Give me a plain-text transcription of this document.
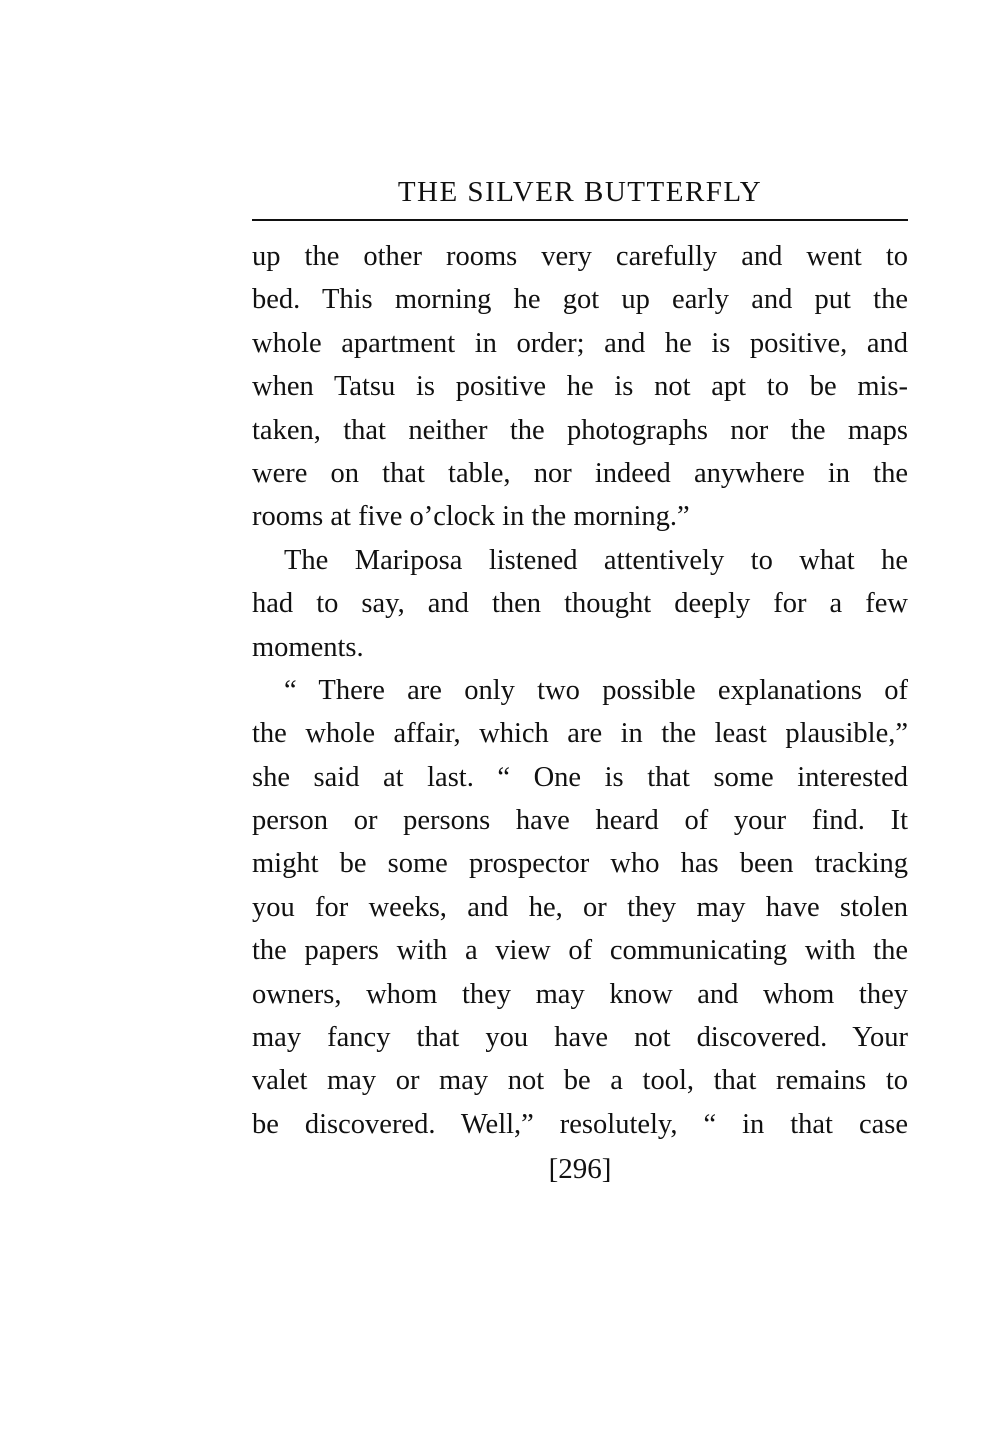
THE SILVER BUTTERFLY
up the other rooms very carefully and went to
bed. This morning he got up early and put the
whole apartment in order; and he is positive, and
when Tatsu is positive he is not apt to be mis-
taken, that neither the photographs nor the maps
were on that table, nor indeed anywhere in the
rooms at five o’clock in the morning.”
The Mariposa listened attentively to what he
had to say, and then thought deeply for a few
moments.
“ There are only two possible explanations of
the whole affair, which are in the least plausible,”
she said at last. “ One is that some interested
person or persons have heard of your find. It
might be some prospector who has been tracking
you for weeks, and he, or they may have stolen
the papers with a view of communicating with the
owners, whom they may know and whom they
may fancy that you have not discovered. Your
valet may or may not be a tool, that remains to
be discovered. Well,” resolutely, “ in that case
[296]
